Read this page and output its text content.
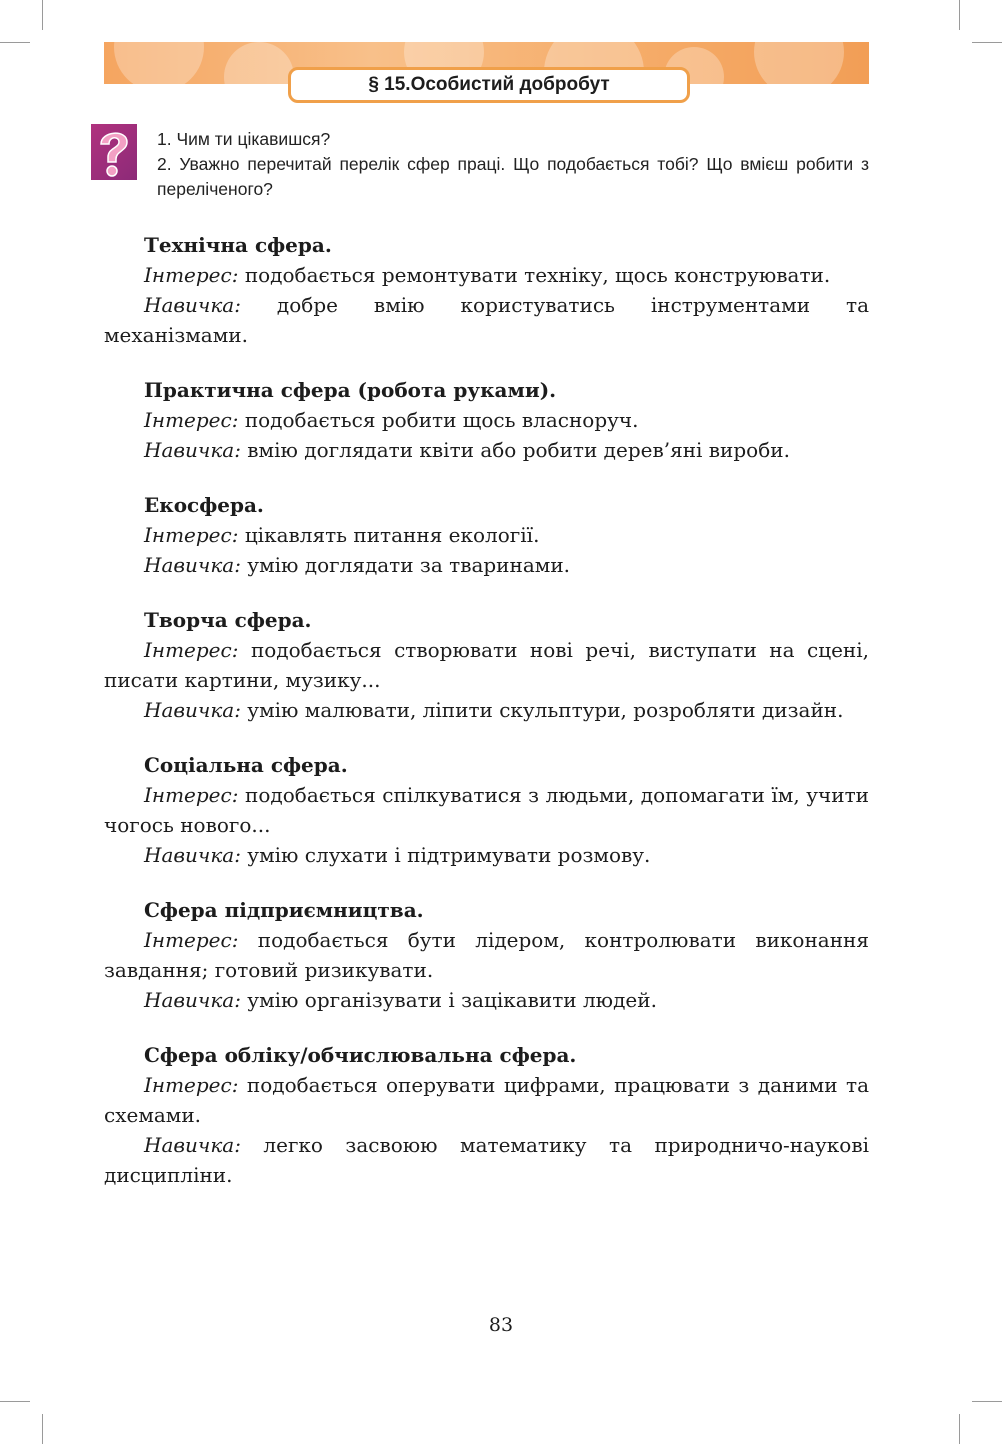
§ 15.Особистий добробут

1. Чим ти цікавишся?

2. Уважно перечитай перелік сфер праці. Що подобається тобі? Що вмієш робити з переліченого?

Технічна сфера.

Інтерес: подобається ремонтувати техніку, щось конструювати.

Навичка: добре вмію користуватись інструментами та механізмами.

Практична сфера (робота руками).

Інтерес: подобається робити щось власноруч.

Навичка: вмію доглядати квіти або робити дерев’яні вироби.

Екосфера.

Інтерес: цікавлять питання екології.

Навичка: умію доглядати за тваринами.

Творча сфера.

Інтерес: подобається створювати нові речі, виступати на сцені, писати картини, музику...

Навичка: умію малювати, ліпити скульптури, розробляти дизайн.

Соціальна сфера.

Інтерес: подобається спілкуватися з людьми, допомагати їм, учити чогось нового...

Навичка: умію слухати і підтримувати розмову.

Сфера підприємництва.

Інтерес: подобається бути лідером, контролювати виконання завдання; готовий ризикувати.

Навичка: умію організувати і зацікавити людей.

Сфера обліку/обчислювальна сфера.

Інтерес: подобається оперувати цифрами, працювати з даними та схемами.

Навичка: легко засвоюю математику та природничо-наукові дисципліни.

83
